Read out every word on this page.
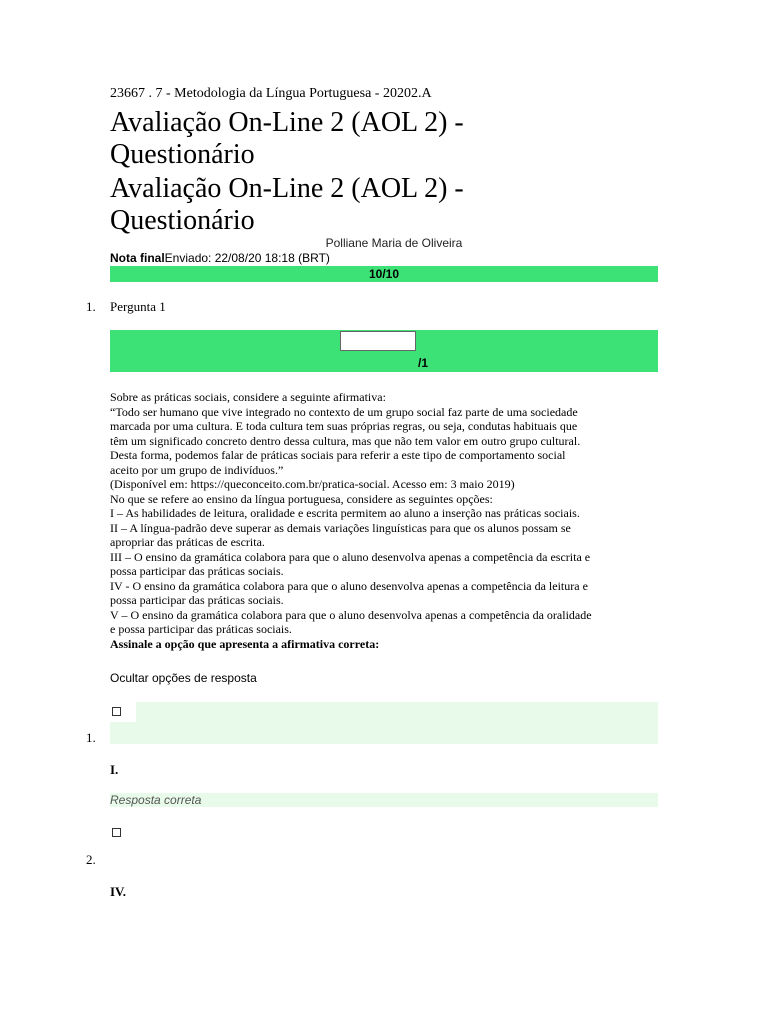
23667 . 7 - Metodologia da Língua Portuguesa - 20202.A
Avaliação On-Line 2 (AOL 2) -
Questionário
Avaliação On-Line 2 (AOL 2) -
Questionário
Polliane Maria de Oliveira
Nota finalEnviado: 22/08/20 18:18 (BRT)
10/10
1. Pergunta 1
/1
Sobre as práticas sociais, considere a seguinte afirmativa:
“Todo ser humano que vive integrado no contexto de um grupo social faz parte de uma sociedade
marcada por uma cultura. E toda cultura tem suas próprias regras, ou seja, condutas habituais que
têm um significado concreto dentro dessa cultura, mas que não tem valor em outro grupo cultural.
Desta forma, podemos falar de práticas sociais para referir a este tipo de comportamento social
aceito por um grupo de indivíduos.”
(Disponível em: https://queconceito.com.br/pratica-social. Acesso em: 3 maio 2019)
No que se refere ao ensino da língua portuguesa, considere as seguintes opções:
I – As habilidades de leitura, oralidade e escrita permitem ao aluno a inserção nas práticas sociais.
II – A língua-padrão deve superar as demais variações linguísticas para que os alunos possam se
apropriar das práticas de escrita.
III – O ensino da gramática colabora para que o aluno desenvolva apenas a competência da escrita e
possa participar das práticas sociais.
IV - O ensino da gramática colabora para que o aluno desenvolva apenas a competência da leitura e
possa participar das práticas sociais.
V – O ensino da gramática colabora para que o aluno desenvolva apenas a competência da oralidade
e possa participar das práticas sociais.
Assinale a opção que apresenta a afirmativa correta:
Ocultar opções de resposta
1.
I.
Resposta correta
2.
IV.
